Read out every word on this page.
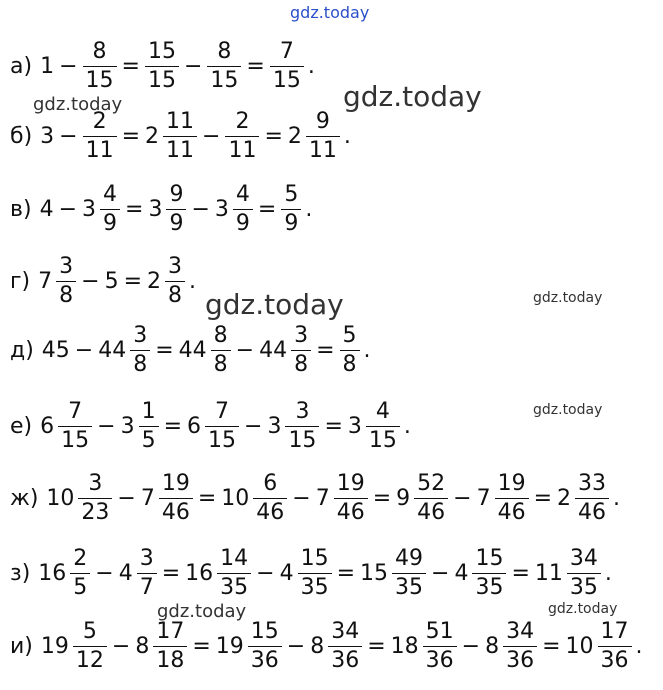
а) $1 - \frac{8}{15} = \frac{15}{15} - \frac{8}{15} = \frac{7}{15}$ .
б) $3 - \frac{2}{11} = 2 \frac{11}{11} - \frac{2}{11} = 2 \frac{9}{11}$ .
в) $4 - 3 \frac{4}{9} = 3 \frac{9}{9} - 3 \frac{4}{9} = \frac{5}{9}$ .
г) $7 \frac{3}{8} - 5 = 2 \frac{3}{8}$ .
д) $45 - 44 \frac{3}{8} = 44 \frac{8}{8} - 44 \frac{3}{8} = \frac{5}{8}$ .
е) $6 \frac{7}{15} - 3 \frac{1}{5} = 6 \frac{7}{15} - 3 \frac{3}{15} = 3 \frac{4}{15}$ .
ж) $10 \frac{3}{23} - 7 \frac{19}{46} = 10 \frac{6}{46} - 7 \frac{19}{46} = 9 \frac{52}{46} - 7 \frac{19}{46} = 2 \frac{33}{46}$ .
з) $16 \frac{2}{5} - 4 \frac{3}{7} = 16 \frac{14}{35} - 4 \frac{15}{35} = 15 \frac{49}{35} - 4 \frac{15}{35} = 11 \frac{34}{35}$ .
и) $19 \frac{5}{12} - 8 \frac{17}{18} = 19 \frac{15}{36} - 8 \frac{34}{36} = 18 \frac{51}{36} - 8 \frac{34}{36} = 10 \frac{17}{36}$ .
gdz.today
gdz.today	gdz.today
gdz.today	gdz.today
gdz.today
gdz.today	gdz.today
